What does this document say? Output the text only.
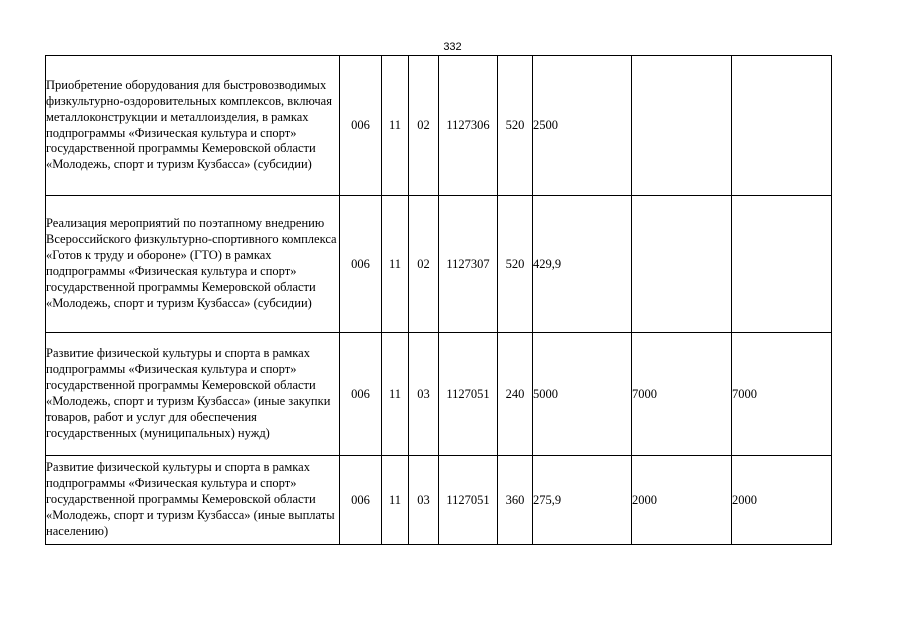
332
Приобретение оборудования для быстровозводимых физкультурно-оздоровительных комплексов, включая металлоконструкции и металлоизделия, в рамках подпрограммы «Физическая культура и спорт» государственной программы Кемеровской области «Молодежь, спорт и туризм Кузбасса» (субсидии)	006	11	02	1127306	520	2500		
Реализация мероприятий по поэтапному внедрению Всероссийского физкультурно-спортивного комплекса «Готов к труду и обороне» (ГТО) в рамках подпрограммы «Физическая культура и спорт» государственной программы Кемеровской области «Молодежь, спорт и туризм Кузбасса» (субсидии)	006	11	02	1127307	520	429,9		
Развитие физической культуры и спорта в рамках подпрограммы «Физическая культура и спорт» государственной программы Кемеровской области «Молодежь, спорт и туризм Кузбасса» (иные закупки товаров, работ и услуг для обеспечения государственных (муниципальных) нужд)	006	11	03	1127051	240	5000	7000	7000
Развитие физической культуры и спорта в рамках подпрограммы «Физическая культура и спорт» государственной программы Кемеровской области «Молодежь, спорт и туризм Кузбасса» (иные выплаты населению)	006	11	03	1127051	360	275,9	2000	2000
